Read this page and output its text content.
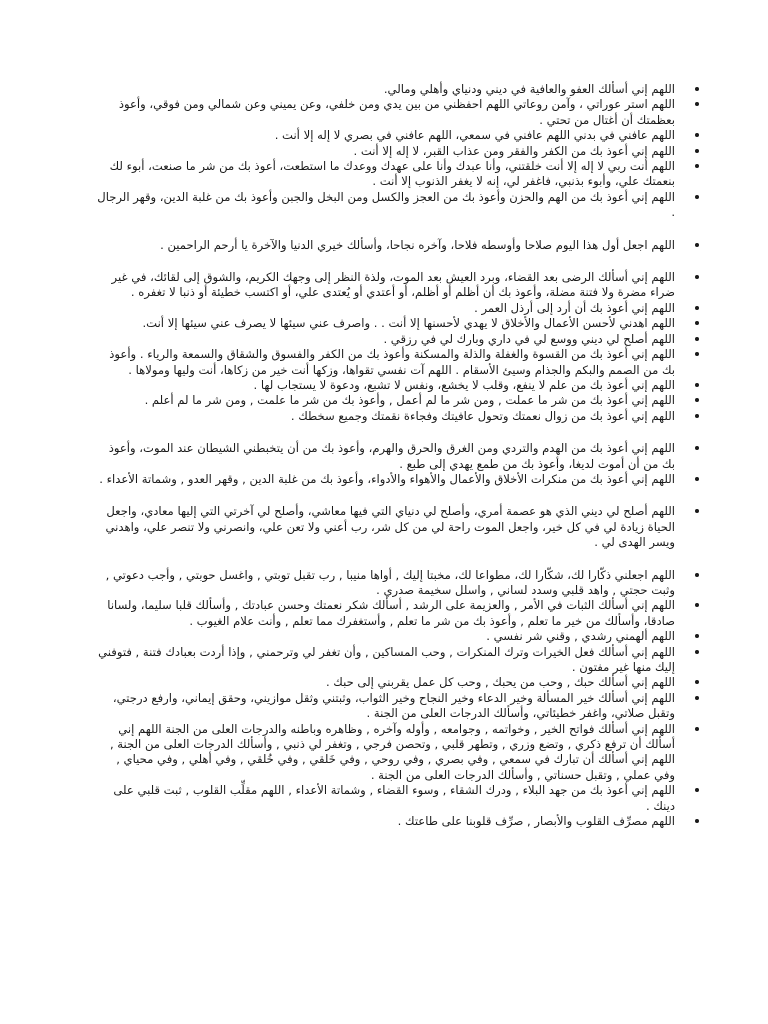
اللهم إني أسألك العفو والعافية في ديني ودنياي وأهلي ومالي.
اللهم استر عوراتي ، وآمن روعاتي اللهم احفظني من بين يدي ومن خلفي، وعن يميني وعن شمالي ومن فوقي، وأعوذ بعظمتك أن أغتال من تحتي .
اللهم عافني في بدني اللهم عافني في سمعي، اللهم عافني في بصري لا إله إلا أنت .
اللهم إني أعوذ بك من الكفر والفقر ومن عذاب القبر، لا إله إلا أنت .
اللهم أنت ربي لا إله إلا أنت خلقتني، وأنا عبدك وأنا على عهدك ووعدك ما استطعت، أعوذ بك من شر ما صنعت، أبوء لك بنعمتك علي، وأبوء بذنبي، فاغفر لي، إنه لا يغفر الذنوب إلا أنت .
اللهم إني أعوذ بك من الهم والحزن وأعوذ بك من العجز والكسل ومن البخل والجبن وأعوذ بك من غلبة الدين، وقهر الرجال .
اللهم اجعل أول هذا اليوم صلاحا وأوسطه فلاحا، وآخره نجاحا، وأسألك خيري الدنيا والآخرة يا أرحم الراحمين .
اللهم إني أسألك الرضى بعد القضاء، وبرد العيش بعد الموت، ولذة النظر إلى وجهك الكريم، والشوق إلى لقائك، في غير ضراء مضرة ولا فتنة مضلة، وأعوذ بك أن أظلم أو أظلم، أو أعتدي أو يُعتدى علي، أو اكتسب خطيئة أو ذنبا لا تغفره .
اللهم إني أعوذ بك أن أرد إلى أرذل العمر .
اللهم اهدني لأحسن الأعمال والأخلاق لا يهدي لأحسنها إلا أنت . . واصرف عني سيئها لا يصرف عني سيئها إلا أنت.
اللهم أصلح لي ديني ووسع لي في داري وبارك لي في رزقي .
اللهم إني أعوذ بك من القسوة والغفلة والذلة والمسكنة وأعوذ بك من الكفر والفسوق والشقاق والسمعة والرياء . وأعوذ بك من الصمم والبكم والجذام وسيئ الأسقام . اللهم آت نفسي تقواها، وزكها أنت خير من زكاها، أنت وليها ومولاها .
اللهم إني أعوذ بك من علم لا ينفع، وقلب لا يخشع، ونفس لا تشبع، ودعوة لا يستجاب لها .
اللهم إني أعوذ بك من شر ما عملت , ومن شر ما لم أعمل , وأعوذ بك من شر ما علمت , ومن شر ما لم أعلم .
اللهم إني أعوذ بك من زوال نعمتك وتحول عافيتك وفجاءة نقمتك وجميع سخطك .
اللهم إني أعوذ بك من الهدم والتردي ومن الغرق والحرق والهرم، وأعوذ بك من أن يتخبطني الشيطان عند الموت، وأعوذ بك من أن أموت لديغا، وأعوذ بك من طمع يهدي إلى طبع .
اللهم إني أعوذ بك من منكرات الأخلاق والأعمال والأهواء والأدواء، وأعوذ بك من غلبة الدين , وقهر العدو , وشماتة الأعداء .
اللهم أصلح لي ديني الذي هو عصمة أمري، وأصلح لي دنياي التي فيها معاشي، وأصلح لي آخرتي التي إليها معادي، واجعل الحياة زيادة لي في كل خير، واجعل الموت راحة لي من كل شر، رب أعني ولا تعن علي، وانصرني ولا تنصر علي، واهدني ويسر الهدى لي .
اللهم اجعلني ذكّارا لك، شكّارا لك، مطواعا لك، مخبتا إليك , أواها منيبا , رب تقبل توبتي , واغسل حوبتي , وأجب دعوتي , وثبت حجتي , واهد قلبي وسدد لساني , واسلل سخيمة صدري .
اللهم إني أسألك الثبات في الأمر , والعزيمة على الرشد , أسألك شكر نعمتك وحسن عبادتك , وأسألك قلبا سليما، ولسانا صادقا، وأسألك من خير ما تعلم , وأعوذ بك من شر ما تعلم , وأستغفرك مما تعلم , وأنت علام الغيوب .
اللهم ألهمني رشدي , وقني شر نفسي .
اللهم إني أسألك فعل الخيرات وترك المنكرات , وحب المساكين , وأن تغفر لي وترحمني , وإذا أردت بعبادك فتنة , فتوفني إليك منها غير مفتون .
اللهم إني أسألك حبك , وحب من يحبك , وحب كل عمل يقربني إلى حبك .
اللهم إني أسألك خير المسألة وخير الدعاء وخير النجاح وخير الثواب، وثبتني وثقل موازيني، وحقق إيماني، وارفع درجتي، وتقبل صلاتي، واغفر خطيئاتي، وأسألك الدرجات العلى من الجنة .
اللهم إني أسألك فواتح الخير , وخواتمه , وجوامعه , وأوله وآخره , وظاهره وباطنه والدرجات العلى من الجنة اللهم إني أسألك أن ترفع ذكري , وتضع وزري , وتطهر قلبي , وتحصن فرجي , وتغفر لي ذنبي , وأسألك الدرجات العلى من الجنة , اللهم إني أسألك أن تبارك في سمعي , وفي بصري , وفي روحي , وفي خَلقي , وفي خُلقي , وفي أهلي , وفي محياي , وفي عملي , وتقبل حسناتي , وأسألك الدرجات العلى من الجنة .
اللهم إني أعوذ بك من جهد البلاء , ودرك الشقاء , وسوء القضاء , وشماتة الأعداء , اللهم مقلِّب القلوب , ثبت قلبي على دينك .
اللهم مصرِّف القلوب والأبصار , صرِّف قلوبنا على طاعتك .
